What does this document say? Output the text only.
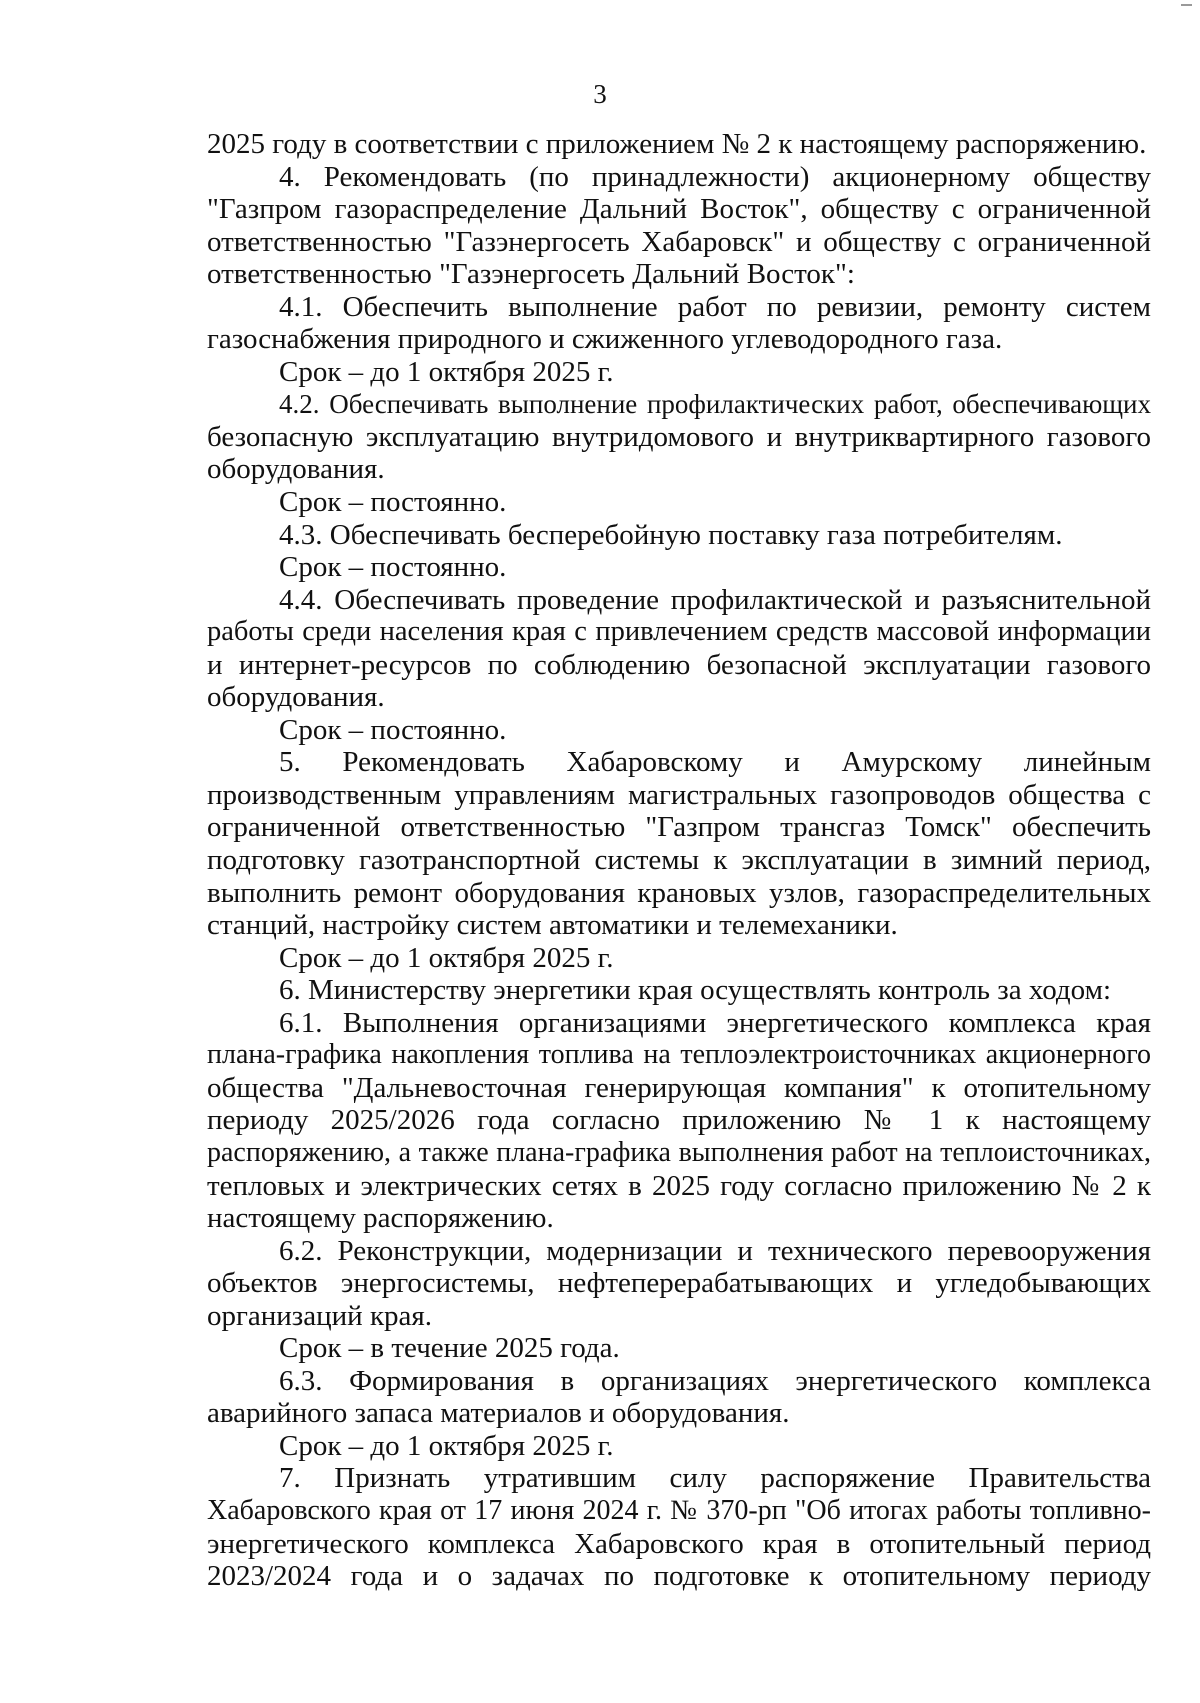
3
2025 году в соответствии с приложением № 2 к настоящему распоряжению.
4. Рекомендовать (по принадлежности) акционерному обществу
"Газпром газораспределение Дальний Восток", обществу с ограниченной
ответственностью "Газэнергосеть Хабаровск" и обществу с ограниченной
ответственностью "Газэнергосеть Дальний Восток":
4.1. Обеспечить выполнение работ по ревизии, ремонту систем
газоснабжения природного и сжиженного углеводородного газа.
Срок – до 1 октября 2025 г.
4.2. Обеспечивать выполнение профилактических работ, обеспечивающих
безопасную эксплуатацию внутридомового и внутриквартирного газового
оборудования.
Срок – постоянно.
4.3. Обеспечивать бесперебойную поставку газа потребителям.
Срок – постоянно.
4.4. Обеспечивать проведение профилактической и разъяснительной
работы среди населения края с привлечением средств массовой информации
и интернет-ресурсов по соблюдению безопасной эксплуатации газового
оборудования.
Срок – постоянно.
5. Рекомендовать Хабаровскому и Амурскому линейным
производственным управлениям магистральных газопроводов общества с
ограниченной ответственностью "Газпром трансгаз Томск" обеспечить
подготовку газотранспортной системы к эксплуатации в зимний период,
выполнить ремонт оборудования крановых узлов, газораспределительных
станций, настройку систем автоматики и телемеханики.
Срок – до 1 октября 2025 г.
6. Министерству энергетики края осуществлять контроль за ходом:
6.1. Выполнения организациями энергетического комплекса края
плана-графика накопления топлива на теплоэлектроисточниках акционерного
общества "Дальневосточная генерирующая компания" к отопительному
периоду 2025/2026 года согласно приложению № 1 к настоящему
распоряжению, а также плана-графика выполнения работ на теплоисточниках,
тепловых и электрических сетях в 2025 году согласно приложению № 2 к
настоящему распоряжению.
6.2. Реконструкции, модернизации и технического перевооружения
объектов энергосистемы, нефтеперерабатывающих и угледобывающих
организаций края.
Срок – в течение 2025 года.
6.3. Формирования в организациях энергетического комплекса
аварийного запаса материалов и оборудования.
Срок – до 1 октября 2025 г.
7. Признать утратившим силу распоряжение Правительства
Хабаровского края от 17 июня 2024 г. № 370-рп "Об итогах работы топливно-
энергетического комплекса Хабаровского края в отопительный период
2023/2024 года и о задачах по подготовке к отопительному периоду
